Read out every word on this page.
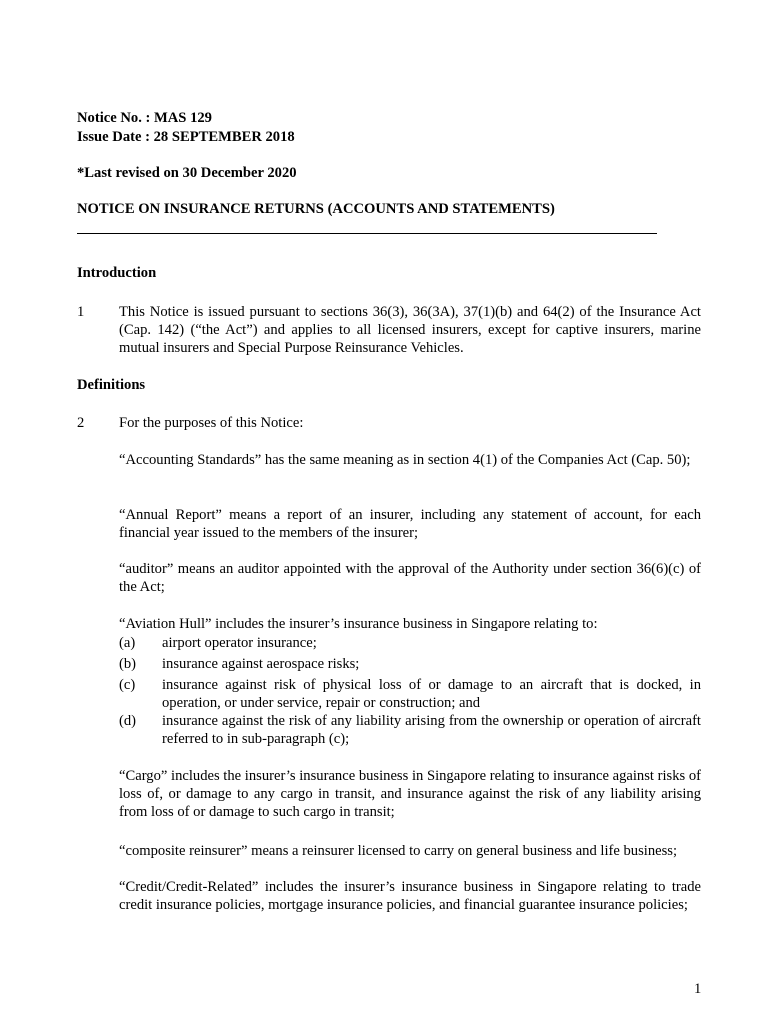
Notice No. : MAS 129
Issue Date : 28 SEPTEMBER 2018
*Last revised on 30 December 2020
NOTICE ON INSURANCE RETURNS (ACCOUNTS AND STATEMENTS)
Introduction
1 This Notice is issued pursuant to sections 36(3), 36(3A), 37(1)(b) and 64(2) of the Insurance Act (Cap. 142) (“the Act”) and applies to all licensed insurers, except for captive insurers, marine mutual insurers and Special Purpose Reinsurance Vehicles.
Definitions
2 For the purposes of this Notice:
“Accounting Standards” has the same meaning as in section 4(1) of the Companies Act (Cap. 50);
“Annual Report” means a report of an insurer, including any statement of account, for each financial year issued to the members of the insurer;
“auditor” means an auditor appointed with the approval of the Authority under section 36(6)(c) of the Act;
“Aviation Hull” includes the insurer’s insurance business in Singapore relating to:
(a) airport operator insurance;
(b) insurance against aerospace risks;
(c) insurance against risk of physical loss of or damage to an aircraft that is docked, in operation, or under service, repair or construction; and
(d) insurance against the risk of any liability arising from the ownership or operation of aircraft referred to in sub-paragraph (c);
“Cargo” includes the insurer’s insurance business in Singapore relating to insurance against risks of loss of, or damage to any cargo in transit, and insurance against the risk of any liability arising from loss of or damage to such cargo in transit;
“composite reinsurer” means a reinsurer licensed to carry on general business and life business;
“Credit/Credit-Related” includes the insurer’s insurance business in Singapore relating to trade credit insurance policies, mortgage insurance policies, and financial guarantee insurance policies;
1
